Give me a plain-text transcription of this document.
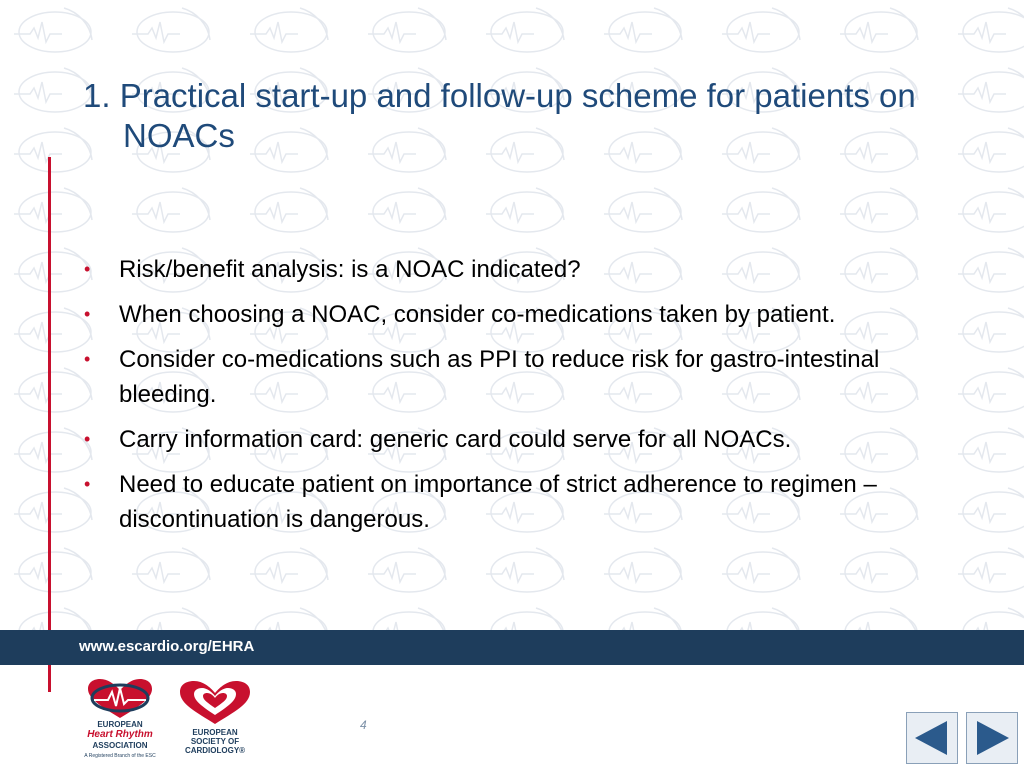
1. Practical start-up and follow-up scheme for patients on NOACs
• Risk/benefit analysis: is a NOAC indicated?
• When choosing a NOAC, consider co-medications taken by patient.
• Consider co-medications such as PPI to reduce risk for gastro-intestinal bleeding.
• Carry information card: generic card could serve for all NOACs.
• Need to educate patient on importance of strict adherence to regimen – discontinuation is dangerous.
www.escardio.org/EHRA
EUROPEAN
Heart Rhythm
ASSOCIATION
A Registered Branch of the ESC
EUROPEAN
SOCIETY OF
CARDIOLOGY®
4
